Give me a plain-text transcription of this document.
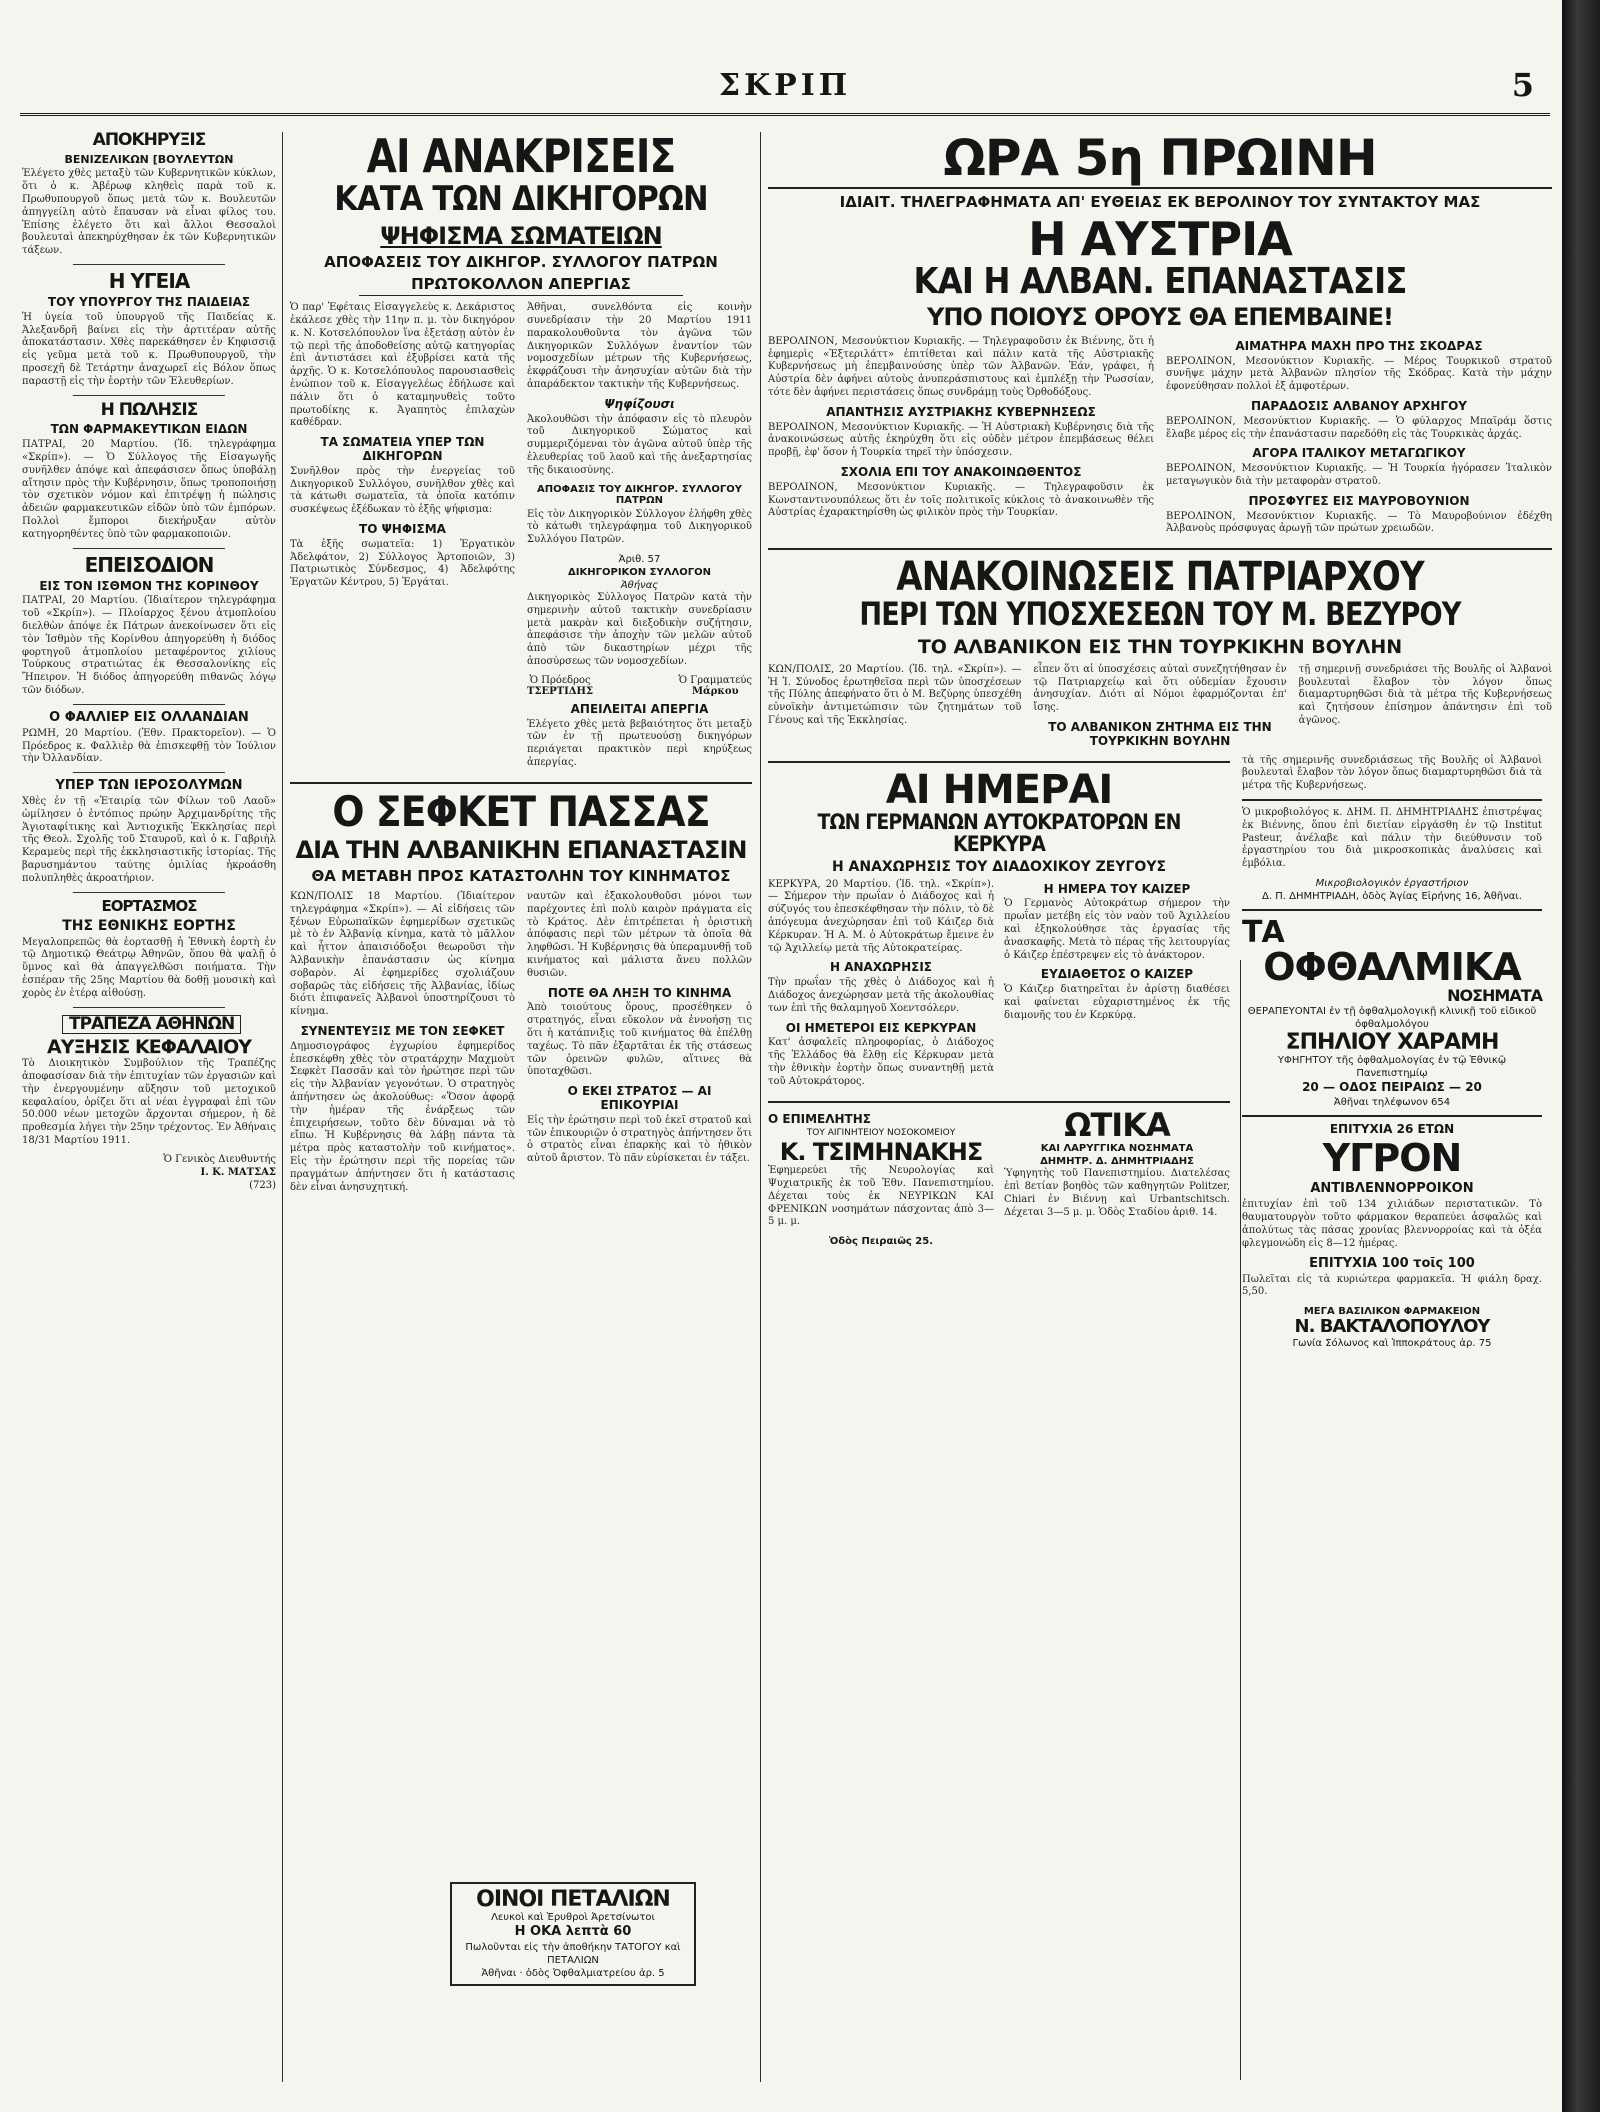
ΣΚΡΙΠ	5
ΑΠΟΚΗΡΥΞΙΣ
ΒΕΝΙΖΕΛΙΚΩΝ [ΒΟΥΛΕΥΤΩΝ

Ἐλέγετο χθὲς μεταξὺ τῶν Κυβερνητικῶν κύκλων, ὅτι ὁ κ. Ἀβέρωφ κληθεὶς παρὰ τοῦ κ. Πρωθυπουργοῦ ὅπως μετὰ τῶν κ. Βουλευτῶν ἀπηγγείλη αὐτὸ ἔπαυσαν νὰ εἶναι φίλος του. Ἐπίσης ἐλέγετο ὅτι καὶ ἄλλοι Θεσσαλοὶ βουλευταὶ ἀπεκηρύχθησαν ἐκ τῶν Κυβερνητικῶν τάξεων.

Η ΥΓΕΙΑ
ΤΟΥ ΥΠΟΥΡΓΟΥ ΤΗΣ ΠΑΙΔΕΙΑΣ

Ἡ ὑγεία τοῦ ὑπουργοῦ τῆς Παιδείας κ. Ἀλεξανδρῆ βαίνει εἰς τὴν ἀρτιτέραν αὐτῆς ἀποκατάστασιν. Χθὲς παρεκάθησεν ἐν Κηφισσιᾷ εἰς γεῦμα μετὰ τοῦ κ. Πρωθυπουργοῦ, τὴν προσεχῆ δὲ Τετάρτην ἀναχωρεῖ εἰς Βόλον ὅπως παραστῇ εἰς τὴν ἑορτὴν τῶν Ἐλευθερίων.

Η ΠΩΛΗΣΙΣ
ΤΩΝ ΦΑΡΜΑΚΕΥΤΙΚΩΝ ΕΙΔΩΝ

ΠΑΤΡΑΙ, 20 Μαρτίου. (Ἰδ. τηλεγράφημα «Σκρίπ»). — Ὁ Σύλλογος τῆς Εἰσαγωγῆς συνῆλθεν ἀπόψε καὶ ἀπεφάσισεν ὅπως ὑποβάλῃ αἴτησιν πρὸς τὴν Κυβέρνησιν, ὅπως τροποποιήσῃ τὸν σχετικὸν νόμον καὶ ἐπιτρέψῃ ἡ πώλησις ἀδειῶν φαρμακευτικῶν εἰδῶν ὑπὸ τῶν ἐμπόρων. Πολλοὶ ἔμποροι διεκήρυξαν αὐτὸν κατηγορηθέντες ὑπὸ τῶν φαρμακοποιῶν.

ΕΠΕΙΣΟΔΙΟΝ
ΕΙΣ ΤΟΝ ΙΣΘΜΟΝ ΤΗΣ ΚΟΡΙΝΘΟΥ

ΠΑΤΡΑΙ, 20 Μαρτίου. (Ἰδιαίτερον τηλεγράφημα τοῦ «Σκρίπ»). — Πλοίαρχος ξένου ἀτμοπλοίου διελθὼν ἀπόψε ἐκ Πάτρων ἀνεκοίνωσεν ὅτι εἰς τὸν Ἰσθμὸν τῆς Κορίνθου ἀπηγορεύθη ἡ διόδος φορτηγοῦ ἀτμοπλοίου μεταφέροντος χιλίους Τούρκους στρατιώτας ἐκ Θεσσαλονίκης εἰς Ἤπειρον. Ἡ διόδος ἀπηγορεύθη πιθανῶς λόγῳ τῶν διόδων.

Ο ΦΑΛΛΙΕΡ ΕΙΣ ΟΛΛΑΝΔΙΑΝ

ΡΩΜΗ, 20 Μαρτίου. (Ἐθν. Πρακτορεῖον). — Ὁ Πρόεδρος κ. Φαλλιὲρ θὰ ἐπισκεφθῇ τὸν Ἰούλιον τὴν Ὀλλανδίαν.

ΥΠΕΡ ΤΩΝ ΙΕΡΟΣΟΛΥΜΩΝ

Χθὲς ἐν τῇ «Ἑταιρίᾳ τῶν Φίλων τοῦ Λαοῦ» ὡμίλησεν ὁ ἐντόπιος πρώην Ἀρχιμανδρίτης τῆς Ἁγιοταφίτικης καὶ Ἀντιοχικῆς Ἐκκλησίας περὶ τῆς Θεολ. Σχολῆς τοῦ Σταυροῦ, καὶ ὁ κ. Γαβριὴλ Κεραμεὺς περὶ τῆς ἐκκλησιαστικῆς ἱστορίας. Τῆς βαρυσημάντου ταύτης ὁμιλίας ἠκροάσθη πολυπληθὲς ἀκροατήριον.

ΕΟΡΤΑΣΜΟΣ
ΤΗΣ ΕΘΝΙΚΗΣ ΕΟΡΤΗΣ

Μεγαλοπρεπῶς θὰ ἑορτασθῇ ἡ Ἐθνικὴ ἑορτὴ ἐν τῷ Δημοτικῷ Θεάτρῳ Ἀθηνῶν, ὅπου θὰ ψαλῇ ὁ ὕμνος καὶ θὰ ἀπαγγελθῶσι ποιήματα. Τὴν ἑσπέραν τῆς 25ης Μαρτίου θὰ δοθῇ μουσικὴ καὶ χορὸς ἐν ἑτέρᾳ αἰθούσῃ.

ΤΡΑΠΕΖΑ ΑΘΗΝΩΝ
ΑΥΞΗΣΙΣ ΚΕΦΑΛΑΙΟΥ

Τὸ Διοικητικὸν Συμβούλιον τῆς Τραπέζης ἀποφασίσαν διὰ τὴν ἐπιτυχίαν τῶν ἐργασιῶν καὶ τὴν ἐνεργουμένην αὔξησιν τοῦ μετοχικοῦ κεφαλαίου, ὁρίζει ὅτι αἱ νέαι ἐγγραφαὶ ἐπὶ τῶν 50.000 νέων μετοχῶν ἄρχονται σήμερον, ἡ δὲ προθεσμία λήγει τὴν 25ην τρέχοντος. Ἐν Ἀθήναις 18/31 Μαρτίου 1911.

Ὁ Γενικὸς Διευθυντής
Ι. Κ. ΜΑΤΣΑΣ
(723)
ΑΙ ΑΝΑΚΡΙΣΕΙΣ
ΚΑΤΑ ΤΩΝ ΔΙΚΗΓΟΡΩΝ
ΨΗΦΙΣΜΑ ΣΩΜΑΤΕΙΩΝ
ΑΠΟΦΑΣΕΙΣ ΤΟΥ ΔΙΚΗΓΟΡ. ΣΥΛΛΟΓΟΥ ΠΑΤΡΩΝ
ΠΡΩΤΟΚΟΛΛΟΝ ΑΠΕΡΓΙΑΣ

Ὁ παρ' Ἐφέταις Εἰσαγγελεὺς κ. Δεκάριστος ἐκάλεσε χθὲς τὴν 11ην π. μ. τὸν δικηγόρον κ. Ν. Κοτσελόπουλον ἵνα ἐξετάσῃ αὐτὸν ἐν τῷ περὶ τῆς ἀποδοθείσης αὐτῷ κατηγορίας ἐπὶ ἀντιστάσει καὶ ἐξυβρίσει κατὰ τῆς ἀρχῆς. Ὁ κ. Κοτσελόπουλος παρουσιασθεὶς ἐνώπιον τοῦ κ. Εἰσαγγελέως ἐδήλωσε καὶ πάλιν ὅτι ὁ καταμηνυθεὶς τοῦτο πρωτοδίκης κ. Ἀγαπητὸς ἐπιλαχὼν καθέδραν.

ΤΑ ΣΩΜΑΤΕΙΑ ΥΠΕΡ ΤΩΝ ΔΙΚΗΓΟΡΩΝ

Συνῆλθον πρὸς τὴν ἐνεργείας τοῦ Δικηγορικοῦ Συλλόγου, συνῆλθον χθὲς καὶ τὰ κάτωθι σωματεῖα, τὰ ὁποῖα κατόπιν συσκέψεως ἐξέδωκαν τὸ ἑξῆς ψήφισμα:

ΤΟ ΨΗΦΙΣΜΑ

Τὰ ἑξῆς σωματεῖα: 1) Ἐργατικὸν Ἀδελφάτον, 2) Σύλλογος Ἀρτοποιῶν, 3) Πατριωτικὸς Σύνδεσμος, 4) Ἀδελφότης Ἐργατῶν Κέντρου, 5) Ἐργάται.

Ἀθῆναι, συνελθόντα εἰς κοινὴν συνεδρίασιν τὴν 20 Μαρτίου 1911 παρακολουθοῦντα τὸν ἀγῶνα τῶν Δικηγορικῶν Συλλόγων ἐναντίον τῶν νομοσχεδίων μέτρων τῆς Κυβερνήσεως, ἐκφράζουσι τὴν ἀνησυχίαν αὐτῶν διὰ τὴν ἀπαράδεκτον τακτικὴν τῆς Κυβερνήσεως.

Ψηφίζουσι

Ἀκολουθῶσι τὴν ἀπόφασιν εἰς τὸ πλευρὸν τοῦ Δικηγορικοῦ Σώματος καὶ συμμεριζόμεναι τὸν ἀγῶνα αὐτοῦ ὑπὲρ τῆς ἐλευθερίας τοῦ λαοῦ καὶ τῆς ἀνεξαρτησίας τῆς δικαιοσύνης.

ΑΠΟΦΑΣΙΣ ΤΟΥ ΔΙΚΗΓΟΡ. ΣΥΛΛΟΓΟΥ ΠΑΤΡΩΝ

Εἰς τὸν Δικηγορικὸν Σύλλογον ἐλήφθη χθὲς τὸ κάτωθι τηλεγράφημα τοῦ Δικηγορικοῦ Συλλόγου Πατρῶν.

Ἀριθ. 57
ΔΙΚΗΓΟΡΙΚΟΝ ΣΥΛΛΟΓΟΝ
Ἀθήνας

Δικηγορικὸς Σύλλογος Πατρῶν κατὰ τὴν σημερινὴν αὐτοῦ τακτικὴν συνεδρίασιν μετὰ μακρὰν καὶ διεξοδικὴν συζήτησιν, ἀπεφάσισε τὴν ἀποχὴν τῶν μελῶν αὐτοῦ ἀπὸ τῶν δικαστηρίων μέχρι τῆς ἀποσύρσεως τῶν νομοσχεδίων.

Ὁ Πρόεδρος
ΤΣΕΡΤΙΔΗΣ
Ὁ Γραμματεύς
Μάρκου
ΑΠΕΙΛΕΙΤΑΙ ΑΠΕΡΓΙΑ

Ἐλέγετο χθὲς μετὰ βεβαιότητος ὅτι μεταξὺ τῶν ἐν τῇ πρωτευούσῃ δικηγόρων περιάγεται πρακτικὸν περὶ κηρύξεως ἀπεργίας.

Ο ΣΕΦΚΕΤ ΠΑΣΣΑΣ
ΔΙΑ ΤΗΝ ΑΛΒΑΝΙΚΗΝ ΕΠΑΝΑΣΤΑΣΙΝ
ΘΑ ΜΕΤΑΒΗ ΠΡΟΣ ΚΑΤΑΣΤΟΛΗΝ ΤΟΥ ΚΙΝΗΜΑΤΟΣ

ΚΩΝ/ΠΟΛΙΣ 18 Μαρτίου. (Ἰδιαίτερον τηλεγράφημα «Σκρίπ»). — Αἱ εἰδήσεις τῶν ξένων Εὐρωπαϊκῶν ἐφημερίδων σχετικῶς μὲ τὸ ἐν Ἀλβανίᾳ κίνημα, κατὰ τὸ μᾶλλον καὶ ἧττον ἀπαισιόδοξοι θεωροῦσι τὴν Ἀλβανικὴν ἐπανάστασιν ὡς κίνημα σοβαρὸν. Αἱ ἐφημερίδες σχολιάζουν σοβαρῶς τὰς εἰδήσεις τῆς Ἀλβανίας, ἰδίως διότι ἐπιφανεῖς Ἀλβανοὶ ὑποστηρίζουσι τὸ κίνημα.

ΣΥΝΕΝΤΕΥΞΙΣ ΜΕ ΤΟΝ ΣΕΦΚΕΤ

Δημοσιογράφος ἐγχωρίου ἐφημερίδος ἐπεσκέφθη χθὲς τὸν στρατάρχην Μαχμοὺτ Σεφκὲτ Πασσᾶν καὶ τὸν ἠρώτησε περὶ τῶν εἰς τὴν Ἀλβανίαν γεγονότων. Ὁ στρατηγὸς ἀπήντησεν ὡς ἀκολούθως: «Ὅσον ἀφορᾷ τὴν ἡμέραν τῆς ἐνάρξεως τῶν ἐπιχειρήσεων, τοῦτο δὲν δύναμαι νὰ τὸ εἴπω. Ἡ Κυβέρνησις θὰ λάβῃ πάντα τὰ μέτρα πρὸς καταστολὴν τοῦ κινήματος». Εἰς τὴν ἐρώτησιν περὶ τῆς πορείας τῶν πραγμάτων ἀπήντησεν ὅτι ἡ κατάστασις δὲν εἶναι ἀνησυχητική.

ναυτῶν καὶ ἐξακολουθοῦσι μόνοι των παρέχοντες ἐπὶ πολὺ καιρὸν πράγματα εἰς τὸ Κράτος. Δὲν ἐπιτρέπεται ἡ ὁριστικὴ ἀπόφασις περὶ τῶν μέτρων τὰ ὁποῖα θὰ ληφθῶσι. Ἡ Κυβέρνησις θὰ ὑπεραμυνθῇ τοῦ κινήματος καὶ μάλιστα ἄνευ πολλῶν θυσιῶν.

ΠΟΤΕ ΘΑ ΛΗΞΗ ΤΟ ΚΙΝΗΜΑ

Ἀπὸ τοιούτους ὅρους, προσέθηκεν ὁ στρατηγός, εἶναι εὔκολον νὰ ἐννοήσῃ τις ὅτι ἡ κατάπνιξις τοῦ κινήματος θὰ ἐπέλθῃ ταχέως. Τὸ πᾶν ἐξαρτᾶται ἐκ τῆς στάσεως τῶν ὀρεινῶν φυλῶν, αἵτινες θὰ ὑποταχθῶσι.

Ο ΕΚΕΙ ΣΤΡΑΤΟΣ — ΑΙ ΕΠΙΚΟΥΡΙΑΙ

Εἰς τὴν ἐρώτησιν περὶ τοῦ ἐκεῖ στρατοῦ καὶ τῶν ἐπικουριῶν ὁ στρατηγὸς ἀπήντησεν ὅτι ὁ στρατὸς εἶναι ἐπαρκὴς καὶ τὸ ἡθικὸν αὐτοῦ ἄριστον. Τὸ πᾶν εὑρίσκεται ἐν τάξει.

ΟΙΝΟΙ ΠΕΤΑΛΙΩΝ
Λευκοὶ καὶ Ἐρυθροὶ Ἀρετσίνωτοι
Η ΟΚΑ λεπτὰ 60
Πωλοῦνται εἰς τὴν ἀποθήκην ΤΑΤΟΓΟΥ καὶ ΠΕΤΑΛΙΩΝ
Ἀθῆναι · ὁδὸς Ὀφθαλμιατρείου ἀρ. 5
ΩΡΑ 5η ΠΡΩΙΝΗ
ΙΔΙΑΙΤ. ΤΗΛΕΓΡΑΦΗΜΑΤΑ ΑΠ' ΕΥΘΕΙΑΣ ΕΚ ΒΕΡΟΛΙΝΟΥ ΤΟΥ ΣΥΝΤΑΚΤΟΥ ΜΑΣ
Η ΑΥΣΤΡΙΑ
ΚΑΙ Η ΑΛΒΑΝ. ΕΠΑΝΑΣΤΑΣΙΣ
ΥΠΟ ΠΟΙΟΥΣ ΟΡΟΥΣ ΘΑ ΕΠΕΜΒΑΙΝΕ!

ΒΕΡΟΛΙΝΟΝ, Μεσονύκτιον Κυριακῆς. — Τηλεγραφοῦσιν ἐκ Βιέννης, ὅτι ἡ ἐφημερὶς «Ἐξτεριλάττ» ἐπιτίθεται καὶ πάλιν κατὰ τῆς Αὐστριακῆς Κυβερνήσεως μὴ ἐπεμβαινούσης ὑπὲρ τῶν Ἀλβανῶν. Ἐάν, γράφει, ἡ Αὐστρία δὲν ἀφήνει αὐτοὺς ἀνυπεράσπιστους καὶ ἐμπλέξῃ τὴν Ῥωσσίαν, τότε δὲν ἀφήνει περιστάσεις ὅπως συνδράμῃ τοὺς Ὀρθοδόξους.

ΑΠΑΝΤΗΣΙΣ ΑΥΣΤΡΙΑΚΗΣ ΚΥΒΕΡΝΗΣΕΩΣ

ΒΕΡΟΛΙΝΟΝ, Μεσονύκτιον Κυριακῆς. — Ἡ Αὐστριακὴ Κυβέρνησις διὰ τῆς ἀνακοινώσεως αὐτῆς ἐκηρύχθη ὅτι εἰς οὐδὲν μέτρον ἐπεμβάσεως θέλει προβῇ, ἐφ' ὅσον ἡ Τουρκία τηρεῖ τὴν ὑπόσχεσιν.

ΣΧΟΛΙΑ ΕΠΙ ΤΟΥ ΑΝΑΚΟΙΝΩΘΕΝΤΟΣ

ΒΕΡΟΛΙΝΟΝ, Μεσονύκτιον Κυριακῆς. — Τηλεγραφοῦσιν ἐκ Κωνσταντινουπόλεως ὅτι ἐν τοῖς πολιτικοῖς κύκλοις τὸ ἀνακοινωθὲν τῆς Αὐστρίας ἐχαρακτηρίσθη ὡς φιλικὸν πρὸς τὴν Τουρκίαν.

ΑΙΜΑΤΗΡΑ ΜΑΧΗ ΠΡΟ ΤΗΣ ΣΚΟΔΡΑΣ

ΒΕΡΟΛΙΝΟΝ, Μεσονύκτιον Κυριακῆς. — Μέρος Τουρκικοῦ στρατοῦ συνῆψε μάχην μετὰ Ἀλβανῶν πλησίον τῆς Σκόδρας. Κατὰ τὴν μάχην ἐφονεύθησαν πολλοὶ ἐξ ἀμφοτέρων.

ΠΑΡΑΔΟΣΙΣ ΑΛΒΑΝΟΥ ΑΡΧΗΓΟΥ

ΒΕΡΟΛΙΝΟΝ, Μεσονύκτιον Κυριακῆς. — Ὁ φύλαρχος Μπαϊράμ ὅστις ἔλαβε μέρος εἰς τὴν ἐπανάστασιν παρεδόθη εἰς τὰς Τουρκικὰς ἀρχάς.

ΑΓΟΡΑ ΙΤΑΛΙΚΟΥ ΜΕΤΑΓΩΓΙΚΟΥ

ΒΕΡΟΛΙΝΟΝ, Μεσονύκτιον Κυριακῆς. — Ἡ Τουρκία ἠγόρασεν Ἰταλικὸν μεταγωγικὸν διὰ τὴν μεταφορὰν στρατοῦ.

ΠΡΟΣΦΥΓΕΣ ΕΙΣ ΜΑΥΡΟΒΟΥΝΙΟΝ

ΒΕΡΟΛΙΝΟΝ, Μεσονύκτιον Κυριακῆς. — Τὸ Μαυροβούνιον ἐδέχθη Ἀλβανοὺς πρόσφυγας ἀρωγῇ τῶν πρώτων χρειωδῶν.

ΑΝΑΚΟΙΝΩΣΕΙΣ ΠΑΤΡΙΑΡΧΟΥ
ΠΕΡΙ ΤΩΝ ΥΠΟΣΧΕΣΕΩΝ ΤΟΥ Μ. ΒΕΖΥΡΟΥ
ΤΟ ΑΛΒΑΝΙΚΟΝ ΕΙΣ ΤΗΝ ΤΟΥΡΚΙΚΗΝ ΒΟΥΛΗΝ

ΚΩΝ/ΠΟΛΙΣ, 20 Μαρτίου. (Ἰδ. τηλ. «Σκρίπ»). — Ἡ Ἱ. Σύνοδος ἐρωτηθεῖσα περὶ τῶν ὑποσχέσεων τῆς Πύλης ἀπεφήνατο ὅτι ὁ Μ. Βεζύρης ὑπεσχέθη εὐνοϊκὴν ἀντιμετώπισιν τῶν ζητημάτων τοῦ Γένους καὶ τῆς Ἐκκλησίας.

εἶπεν ὅτι αἱ ὑποσχέσεις αὐταὶ συνεζητήθησαν ἐν τῷ Πατριαρχείῳ καὶ ὅτι οὐδεμίαν ἔχουσιν ἀνησυχίαν. Διότι αἱ Νόμοι ἐφαρμόζονται ἐπ' ἴσης.

ΤΟ ΑΛΒΑΝΙΚΟΝ ΖΗΤΗΜΑ ΕΙΣ ΤΗΝ ΤΟΥΡΚΙΚΗΝ ΒΟΥΛΗΝ

τῇ σημερινῇ συνεδριάσει τῆς Βουλῆς οἱ Ἀλβανοὶ βουλευταὶ ἔλαβον τὸν λόγον ὅπως διαμαρτυρηθῶσι διὰ τὰ μέτρα τῆς Κυβερνήσεως καὶ ζητήσουν ἐπίσημον ἀπάντησιν ἐπὶ τοῦ ἀγῶνος.

ΑΙ ΗΜΕΡΑΙ
ΤΩΝ ΓΕΡΜΑΝΩΝ ΑΥΤΟΚΡΑΤΟΡΩΝ ΕΝ ΚΕΡΚΥΡΑ
Η ΑΝΑΧΩΡΗΣΙΣ ΤΟΥ ΔΙΑΔΟΧΙΚΟΥ ΖΕΥΓΟΥΣ

ΚΕΡΚΥΡΑ, 20 Μαρτίου. (Ἰδ. τηλ. «Σκρίπ»). — Σήμερον τὴν πρωΐαν ὁ Διάδοχος καὶ ἡ σύζυγός του ἐπεσκέφθησαν τὴν πόλιν, τὸ δὲ ἀπόγευμα ἀνεχώρησαν ἐπὶ τοῦ Κάιζερ διὰ Κέρκυραν. Ἡ Α. Μ. ὁ Αὐτοκράτωρ ἔμεινε ἐν τῷ Ἀχιλλείῳ μετὰ τῆς Αὐτοκρατείρας.

Η ΑΝΑΧΩΡΗΣΙΣ

Τὴν πρωΐαν τῆς χθὲς ὁ Διάδοχος καὶ ἡ Διάδοχος ἀνεχώρησαν μετὰ τῆς ἀκολουθίας των ἐπὶ τῆς θαλαμηγοῦ Χοεντσόλερν.

ΟΙ ΗΜΕΤΕΡΟΙ ΕΙΣ ΚΕΡΚΥΡΑΝ

Κατ' ἀσφαλεῖς πληροφορίας, ὁ Διάδοχος τῆς Ἑλλάδος θὰ ἔλθῃ εἰς Κέρκυραν μετὰ τὴν ἐθνικὴν ἑορτὴν ὅπως συναντηθῇ μετὰ τοῦ Αὐτοκράτορος.

Η ΗΜΕΡΑ ΤΟΥ ΚΑΙΖΕΡ

Ὁ Γερμανὸς Αὐτοκράτωρ σήμερον τὴν πρωΐαν μετέβη εἰς τὸν ναὸν τοῦ Ἀχιλλείου καὶ ἐξηκολούθησε τὰς ἐργασίας τῆς ἀνασκαφῆς. Μετὰ τὸ πέρας τῆς λειτουργίας ὁ Κάιζερ ἐπέστρεψεν εἰς τὸ ἀνάκτορον.

ΕΥΔΙΑΘΕΤΟΣ Ο ΚΑΙΖΕΡ

Ὁ Κάιζερ διατηρεῖται ἐν ἀρίστῃ διαθέσει καὶ φαίνεται εὐχαριστημένος ἐκ τῆς διαμονῆς του ἐν Κερκύρᾳ.

Ο ΕΠΙΜΕΛΗΤΗΣ
ΤΟΥ ΑΙΓΙΝΗΤΕΙΟΥ ΝΟΣΟΚΟΜΕΙΟΥ
Κ. ΤΣΙΜΗΝΑΚΗΣ

Ἐφημερεύει τῆς Νευρολογίας καὶ Ψυχιατρικῆς ἐκ τοῦ Ἐθν. Πανεπιστημίου. Δέχεται τοὺς ἐκ ΝΕΥΡΙΚΩΝ ΚΑΙ ΦΡΕΝΙΚΩΝ νοσημάτων πάσχοντας ἀπὸ 3—5 μ. μ.

Ὁδὸς Πειραιῶς 25.
ΩΤΙΚΑ
ΚΑΙ ΛΑΡΥΓΓΙΚΑ ΝΟΣΗΜΑΤΑ
ΔΗΜΗΤΡ. Δ. ΔΗΜΗΤΡΙΑΔΗΣ

Ὑφηγητὴς τοῦ Πανεπιστημίου. Διατελέσας ἐπὶ 8ετίαν βοηθὸς τῶν καθηγητῶν Politzer, Chiari ἐν Βιέννῃ καὶ Urbantschitsch. Δέχεται 3—5 μ. μ. Ὁδὸς Σταδίου ἀριθ. 14.

τὰ τῆς σημερινῆς συνεδριάσεως τῆς Βουλῆς οἱ Ἀλβανοὶ βουλευταὶ ἔλαβον τὸν λόγον ὅπως διαμαρτυρηθῶσι διὰ τὰ μέτρα τῆς Κυβερνήσεως.

Ὁ μικροβιολόγος κ. ΔΗΜ. Π. ΔΗΜΗΤΡΙΑΔΗΣ ἐπιστρέψας ἐκ Βιέννης, ὅπου ἐπὶ διετίαν εἰργάσθη ἐν τῷ Institut Pasteur, ἀνέλαβε καὶ πάλιν τὴν διεύθυνσιν τοῦ ἐργαστηρίου του διὰ μικροσκοπικὰς ἀναλύσεις καὶ ἐμβόλια.

Μικροβιολογικὸν ἐργαστήριον
Δ. Π. ΔΗΜΗΤΡΙΑΔΗ, ὁδὸς Ἁγίας Εἰρήνης 16, Ἀθῆναι.
ΤΑ
ΟΦΘΑΛΜΙΚΑ
ΝΟΣΗΜΑΤΑ
ΘΕΡΑΠΕΥΟΝΤΑΙ ἐν τῇ ὀφθαλμολογικῇ κλινικῇ τοῦ εἰδικοῦ ὀφθαλμολόγου
ΣΠΗΛΙΟΥ ΧΑΡΑΜΗ
ΥΦΗΓΗΤΟΥ τῆς ὀφθαλμολογίας ἐν τῷ Ἐθνικῷ Πανεπιστημίῳ
20 — ΟΔΟΣ ΠΕΙΡΑΙΩΣ — 20
Ἀθῆναι τηλέφωνον 654
ΕΠΙΤΥΧΙΑ 26 ΕΤΩΝ
ΥΓΡΟΝ
ΑΝΤΙΒΛΕΝΝΟΡΡΟΙΚΟΝ

ἐπιτυχίαν ἐπὶ τοῦ 134 χιλιάδων περιστατικῶν. Τὸ θαυματουργὸν τοῦτο φάρμακον θεραπεύει ἀσφαλῶς καὶ ἀπολύτως τὰς πάσας χρονίας βλεννορροίας καὶ τὰ ὀξέα φλεγμονώδη εἰς 8—12 ἡμέρας.

ΕΠΙΤΥΧΙΑ 100 τοῖς 100

Πωλεῖται εἰς τὰ κυριώτερα φαρμακεῖα. Ἡ φιάλη δραχ. 5,50.

ΜΕΓΑ ΒΑΣΙΛΙΚΟΝ ΦΑΡΜΑΚΕΙΟΝ
Ν. ΒΑΚΤΑΛΟΠΟΥΛΟΥ
Γωνία Σόλωνος καὶ Ἱπποκράτους ἀρ. 75
